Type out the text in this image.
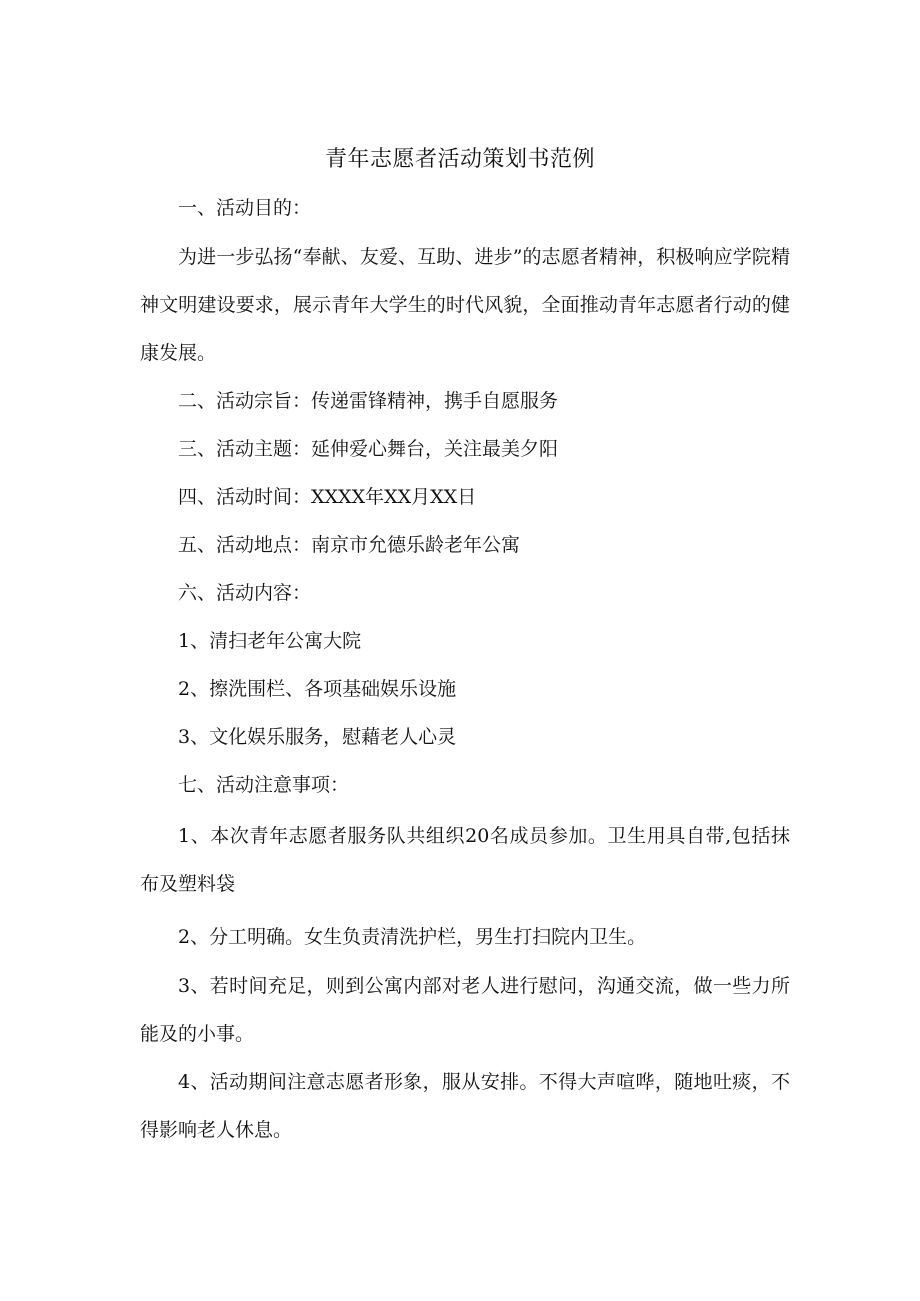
青年志愿者活动策划书范例

一、活动目的：

为进一步弘扬“奉献、友爱、互助、进步”的志愿者精神，积极响应学院精神文明建设要求，展示青年大学生的时代风貌，全面推动青年志愿者行动的健康发展。

二、活动宗旨：传递雷锋精神，携手自愿服务

三、活动主题：延伸爱心舞台，关注最美夕阳

四、活动时间：XXXX年XX月XX日

五、活动地点：南京市允德乐龄老年公寓

六、活动内容：

1、清扫老年公寓大院

2、擦洗围栏、各项基础娱乐设施

3、文化娱乐服务，慰藉老人心灵

七、活动注意事项：

1、本次青年志愿者服务队共组织20名成员参加。卫生用具自带,包括抹布及塑料袋

2、分工明确。女生负责清洗护栏，男生打扫院内卫生。

3、若时间充足，则到公寓内部对老人进行慰问，沟通交流，做一些力所能及的小事。

4、活动期间注意志愿者形象，服从安排。不得大声喧哗，随地吐痰，不得影响老人休息。
